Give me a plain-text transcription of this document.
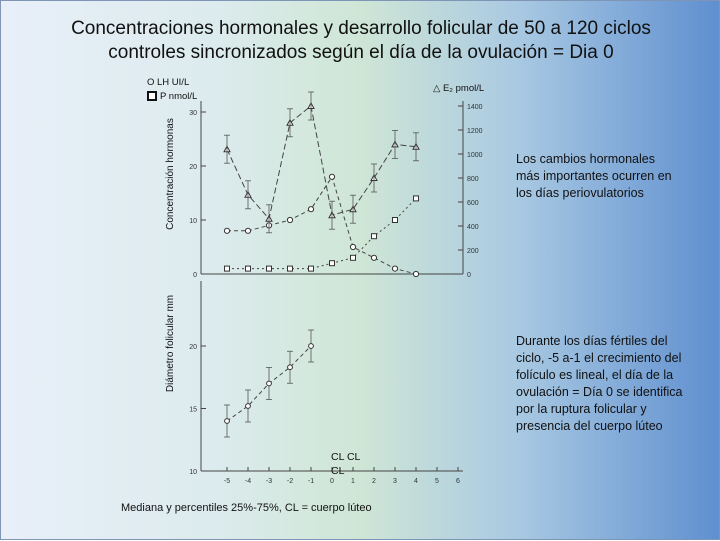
Concentraciones hormonales y desarrollo folicular de 50 a 120 ciclos
controles sincronizados según el día de la ovulación = Dia 0
Concentración hormonas
Diámetro folicular mm
O LH UI/L
P nmol/L
△ E₂ pmol/L
0
10
20
30
0
200
400
600
800
1000
1200
1400
10
15
20
-5 -4 -3 -2 -1 0 1 2 3 4 5 6
CL CL
CL
Los cambios hormonales más importantes ocurren en los días periovulatorios
Durante los días fértiles del ciclo, -5 a-1 el crecimiento del folículo es lineal, el día de la ovulación = Día 0 se identifica por la ruptura folicular y presencia del cuerpo lúteo
Mediana y percentiles 25%-75%, CL = cuerpo lúteo
